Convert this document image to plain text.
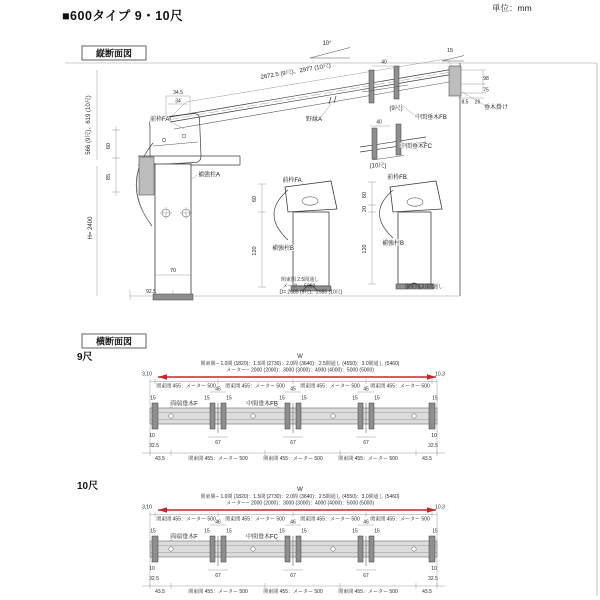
■600タイプ 9・10尺
単位：mm
縦断面図
2672.5 (9尺)、2977 (10尺)
10°
15
34.5
34
前枠FA
補強柱A
566 (9尺)、619 (10尺)	60
85
H= 2400
70
92.5
60
120
前枠FA
補強柱B
関東間 2.5間通し
メーター 5000
D= 2685 (9尺)、2985 (10尺)
60
20
120
前枠FB
補強柱B
関東間 3.0間通し
40
(9尺)
中間垂木FB
40
(10尺)
中間垂木FC
野縁A
98
75
8.5 26
垂木掛け
横断面図
9尺	W
関東間─ 1.0間 (1820)：1.5間 (2730)：2.0間 (3640)：2.5間通し (4550)：3.0間通し (5460)
メーター─ 2000 (2000)：3000 (3000)：4000 (4000)：5000 (5000)
3,10	10,3
関東間 455：メーター 500 関東間 455：メーター 500	関東間 455：メーター 500 関東間 455：メーター 500
45	45	45
15	15	15	15	15	15	15	15
両端垂木F	中間垂木FB
67	67	67
10
32.5
10
32.5
43.5	関東間 455：メーター 500	関東間 455：メーター 500	関東間 455：メーター 500	43.5
10尺	W
関東間─ 1.0間 (1820)：1.5間 (2730)：2.0間 (3640)：2.5間通し (4550)：3.0間通し (5460)
メーター─ 2000 (2000)：3000 (3000)：4000 (4000)：5000 (5000)
3,10	10,3
関東間 455：メーター 500 関東間 455：メーター 500	関東間 455：メーター 500 関東間 455：メーター 500
46	46	46
15	15	15	15	15	15	15	15
両端垂木F	中間垂木FC
67	67	67
10
32.5
10
32.5
43.5	関東間 455：メーター 500	関東間 455：メーター 500	関東間 455：メーター 500	43.5
